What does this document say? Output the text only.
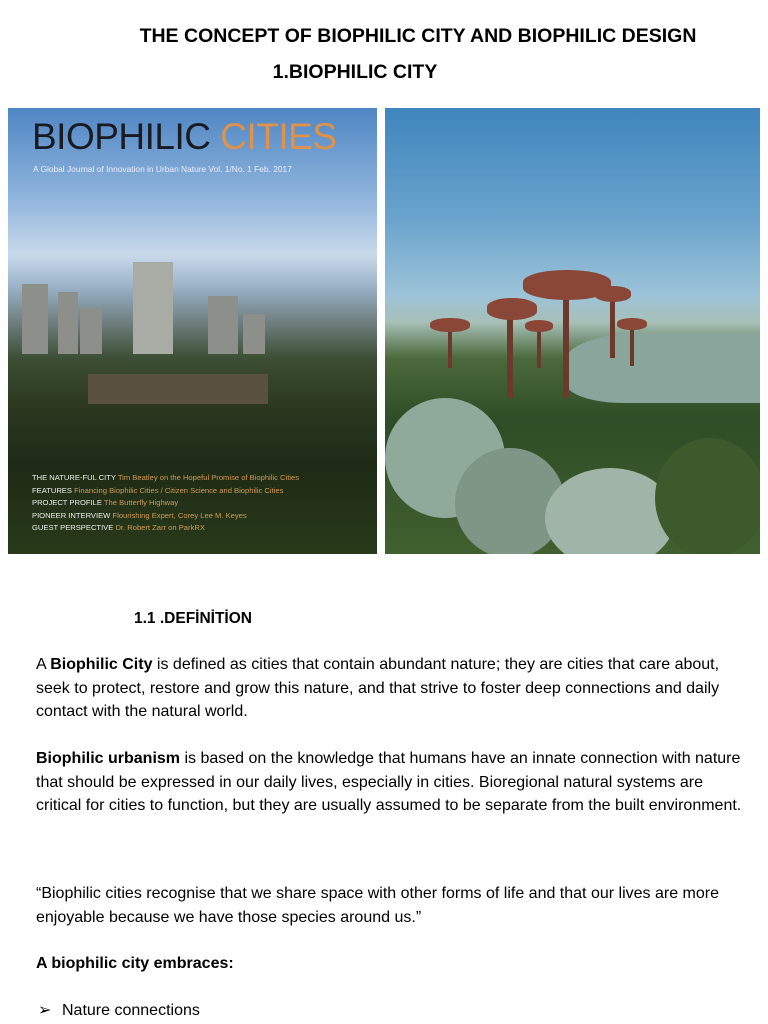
THE CONCEPT OF BIOPHILIC CITY AND BIOPHILIC DESIGN
1.BIOPHILIC CITY
BIOPHILIC CITIES
A Global Journal of Innovation in Urban Nature Vol. 1/No. 1 Feb. 2017
THE NATURE-FUL CITY Tim Beatley on the Hopeful Promise of Biophilic Cities
FEATURES Financing Biophilic Cities / Citizen Science and Biophilic Cities
PROJECT PROFILE The Butterfly Highway
PIONEER INTERVIEW Flourishing Expert, Corey Lee M. Keyes
GUEST PERSPECTIVE Dr. Robert Zarr on ParkRX
1.1 .DEFİNİTİON
A Biophilic City is defined as cities that contain abundant nature; they are cities that care about, seek to protect, restore and grow this nature, and that strive to foster deep connections and daily contact with the natural world.
Biophilic urbanism is based on the knowledge that humans have an innate connection with nature that should be expressed in our daily lives, especially in cities. Bioregional natural systems are critical for cities to function, but they are usually assumed to be separate from the built environment.
“Biophilic cities recognise that we share space with other forms of life and that our lives are more enjoyable because we have those species around us.”
A biophilic city embraces:
➢ Nature connections
